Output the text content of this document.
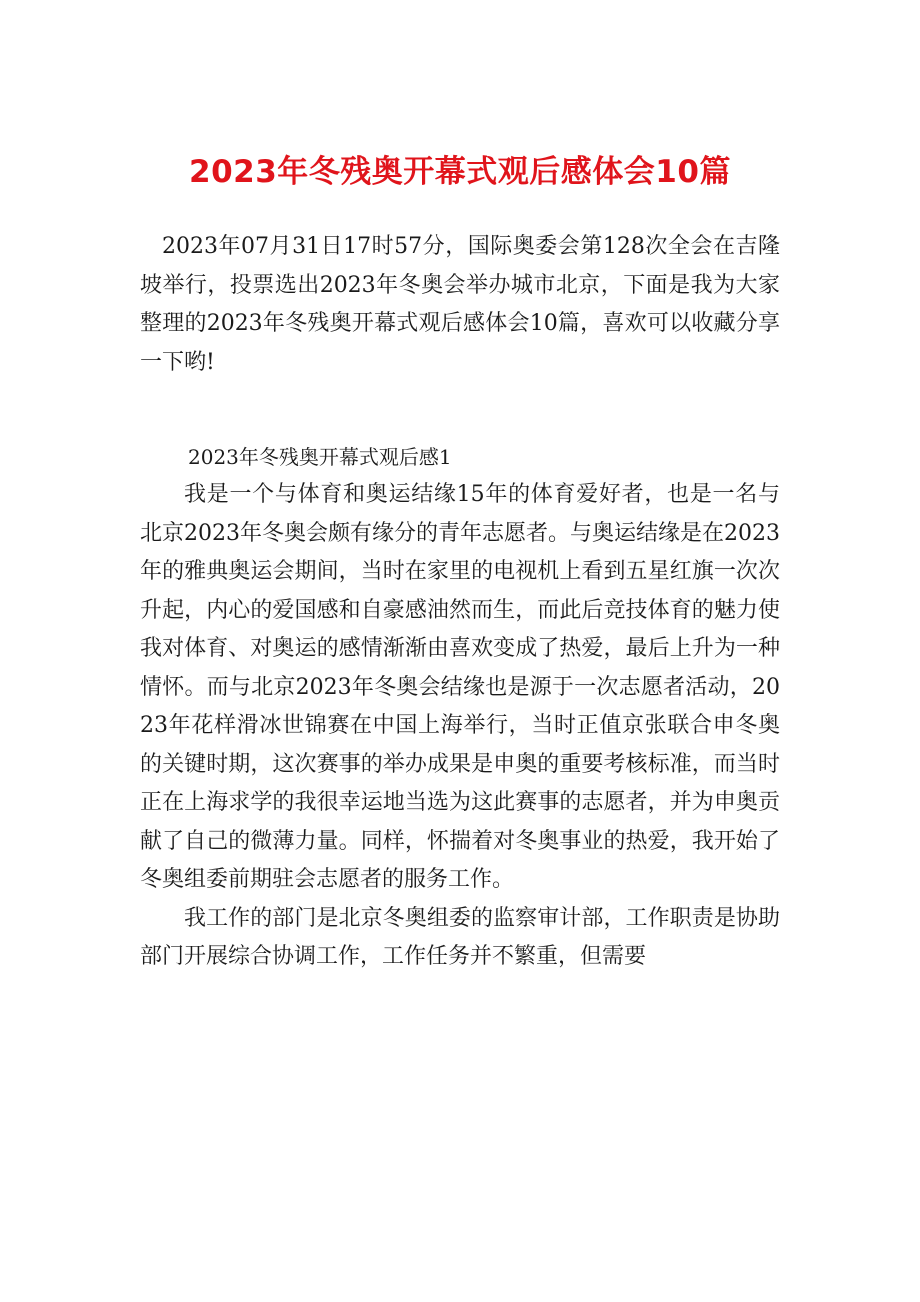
2023年冬残奥开幕式观后感体会10篇

2023年07月31日17时57分，国际奥委会第128次全会在吉隆坡举行，投票选出2023年冬奥会举办城市北京，下面是我为大家整理的2023年冬残奥开幕式观后感体会10篇，喜欢可以收藏分享一下哟!

2023年冬残奥开幕式观后感1

我是一个与体育和奥运结缘15年的体育爱好者，也是一名与北京2023年冬奥会颇有缘分的青年志愿者。与奥运结缘是在2023年的雅典奥运会期间，当时在家里的电视机上看到五星红旗一次次升起，内心的爱国感和自豪感油然而生，而此后竞技体育的魅力使我对体育、对奥运的感情渐渐由喜欢变成了热爱，最后上升为一种情怀。而与北京2023年冬奥会结缘也是源于一次志愿者活动，2023年花样滑冰世锦赛在中国上海举行，当时正值京张联合申冬奥的关键时期，这次赛事的举办成果是申奥的重要考核标准，而当时正在上海求学的我很幸运地当选为这此赛事的志愿者，并为申奥贡献了自己的微薄力量。同样，怀揣着对冬奥事业的热爱，我开始了冬奥组委前期驻会志愿者的服务工作。

我工作的部门是北京冬奥组委的监察审计部，工作职责是协助部门开展综合协调工作，工作任务并不繁重，但需要
